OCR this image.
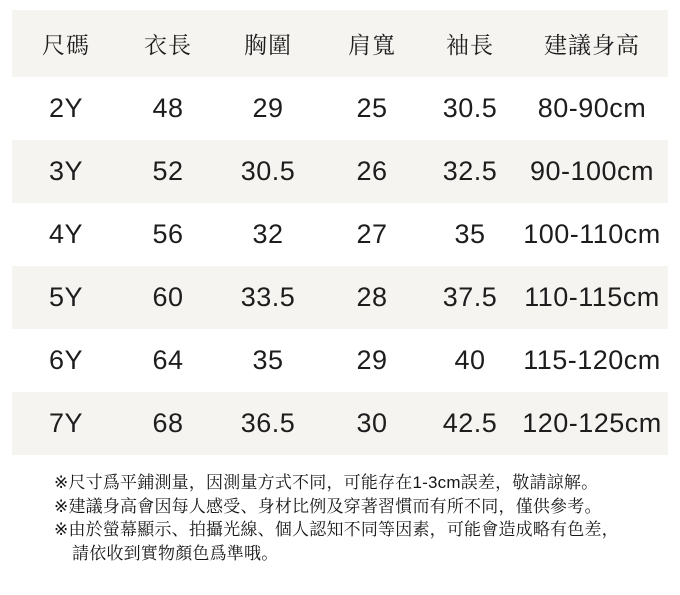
尺碼	衣長	胸圍	肩寬	袖長	建議身高
2Y	48	29	25	30.5	80-90cm
3Y	52	30.5	26	32.5	90-100cm
4Y	56	32	27	35	100-110cm
5Y	60	33.5	28	37.5 110-115cm
6Y	64	35	29	40	115-120cm
7Y	68	36.5	30	42.5 120-125cm
※尺寸爲平鋪測量，因測量方式不同，可能存在1-3cm誤差，敬請諒解。
※建議身高會因每人感受、身材比例及穿著習慣而有所不同，僅供參考。
※由於螢幕顯示、拍攝光線、個人認知不同等因素，可能會造成略有色差，
請依收到實物顏色爲準哦。
